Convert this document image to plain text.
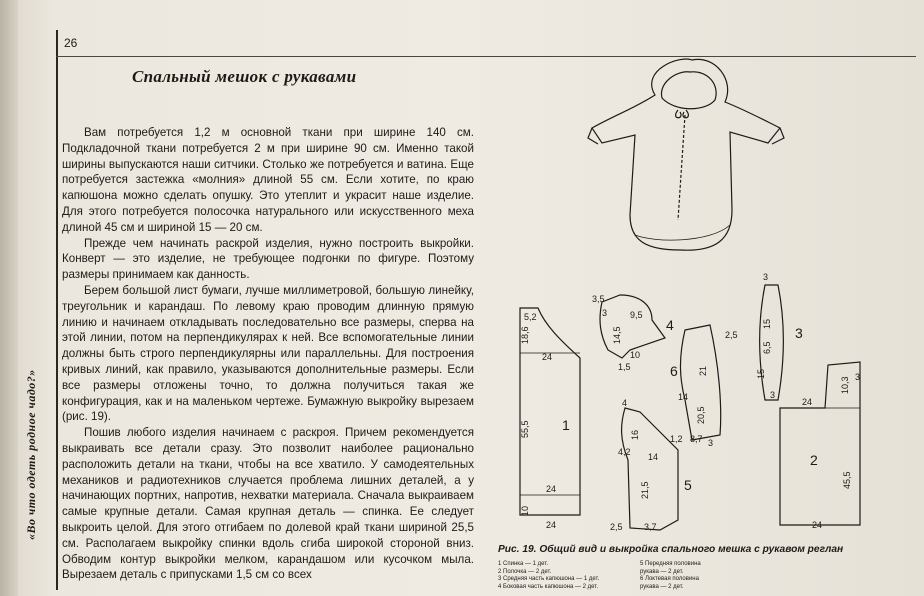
26
«Во что одеть родное чадо?»
Спальный мешок с рукавами

Вам потребуется 1,2 м основной ткани при ширине 140 см. Подкладочной ткани потребуется 2 м при ширине 90 см. Именно такой ширины выпускаются наши ситчики. Столько же потребуется и ватина. Еще потребуется застежка «молния» длиной 55 см. Если хотите, по краю капюшона можно сделать опушку. Это утеплит и украсит наше изделие. Для этого потребуется полосочка натурального или искусственного меха длиной 45 см и шириной 15 — 20 см.

Прежде чем начинать раскрой изделия, нужно построить выкройки. Конверт — это изделие, не требующее подгонки по фигуре. Поэтому размеры принимаем как данность.

Берем большой лист бумаги, лучше миллиметровой, большую линейку, треугольник и карандаш. По левому краю проводим длинную прямую линию и начинаем откладывать последовательно все размеры, сперва на этой линии, потом на перпендикулярах к ней. Все вспомогательные линии должны быть строго перпендикулярны или параллельны. Для построения кривых линий, как правило, указываются дополнительные размеры. Если все размеры отложены точно, то должна получиться такая же конфигурация, как и на маленьком чертеже. Бумажную выкройку вырезаем (рис. 19).

Пошив любого изделия начинаем с раскроя. Причем рекомендуется выкраивать все детали сразу. Это позволит наиболее рационально расположить детали на ткани, чтобы на все хватило. У самодеятельных механиков и радиотехников случается проблема лишних деталей, а у начинающих портних, напротив, нехватки материала. Сначала выкраиваем самые крупные детали. Самая крупная деталь — спинка. Ее следует выкроить целой. Для этого отгибаем по долевой край ткани шириной 25,5 см. Располагаем выкройку спинки вдоль сгиба широкой стороной вниз. Обводим контур выкройки мелком, карандашом или кусочком мыла. Вырезаем деталь с припусками 1,5 см со всех

5,2
18,6
24
55,5 1
24
10
24
3,5
9,5
14,5
3
10
1,5
4
2,5
21
6
14
20,5
8,7 3
1,2
4
16
4,2 14
21,5 5
2,5 3,7
3
15
6,5
15
3
3
24
10,3 3
2
45,5
24
Рис. 19. Общий вид и выкройка спального мешка с рукавом реглан
1 Спинка — 1 дет.
2 Полочка — 2 дет.
3 Средняя часть капюшона — 1 дет.
4 Боковая часть капюшона — 2 дет.
5 Передняя половина
рукава — 2 дет.
6 Локтевая половина
рукава — 2 дет.
